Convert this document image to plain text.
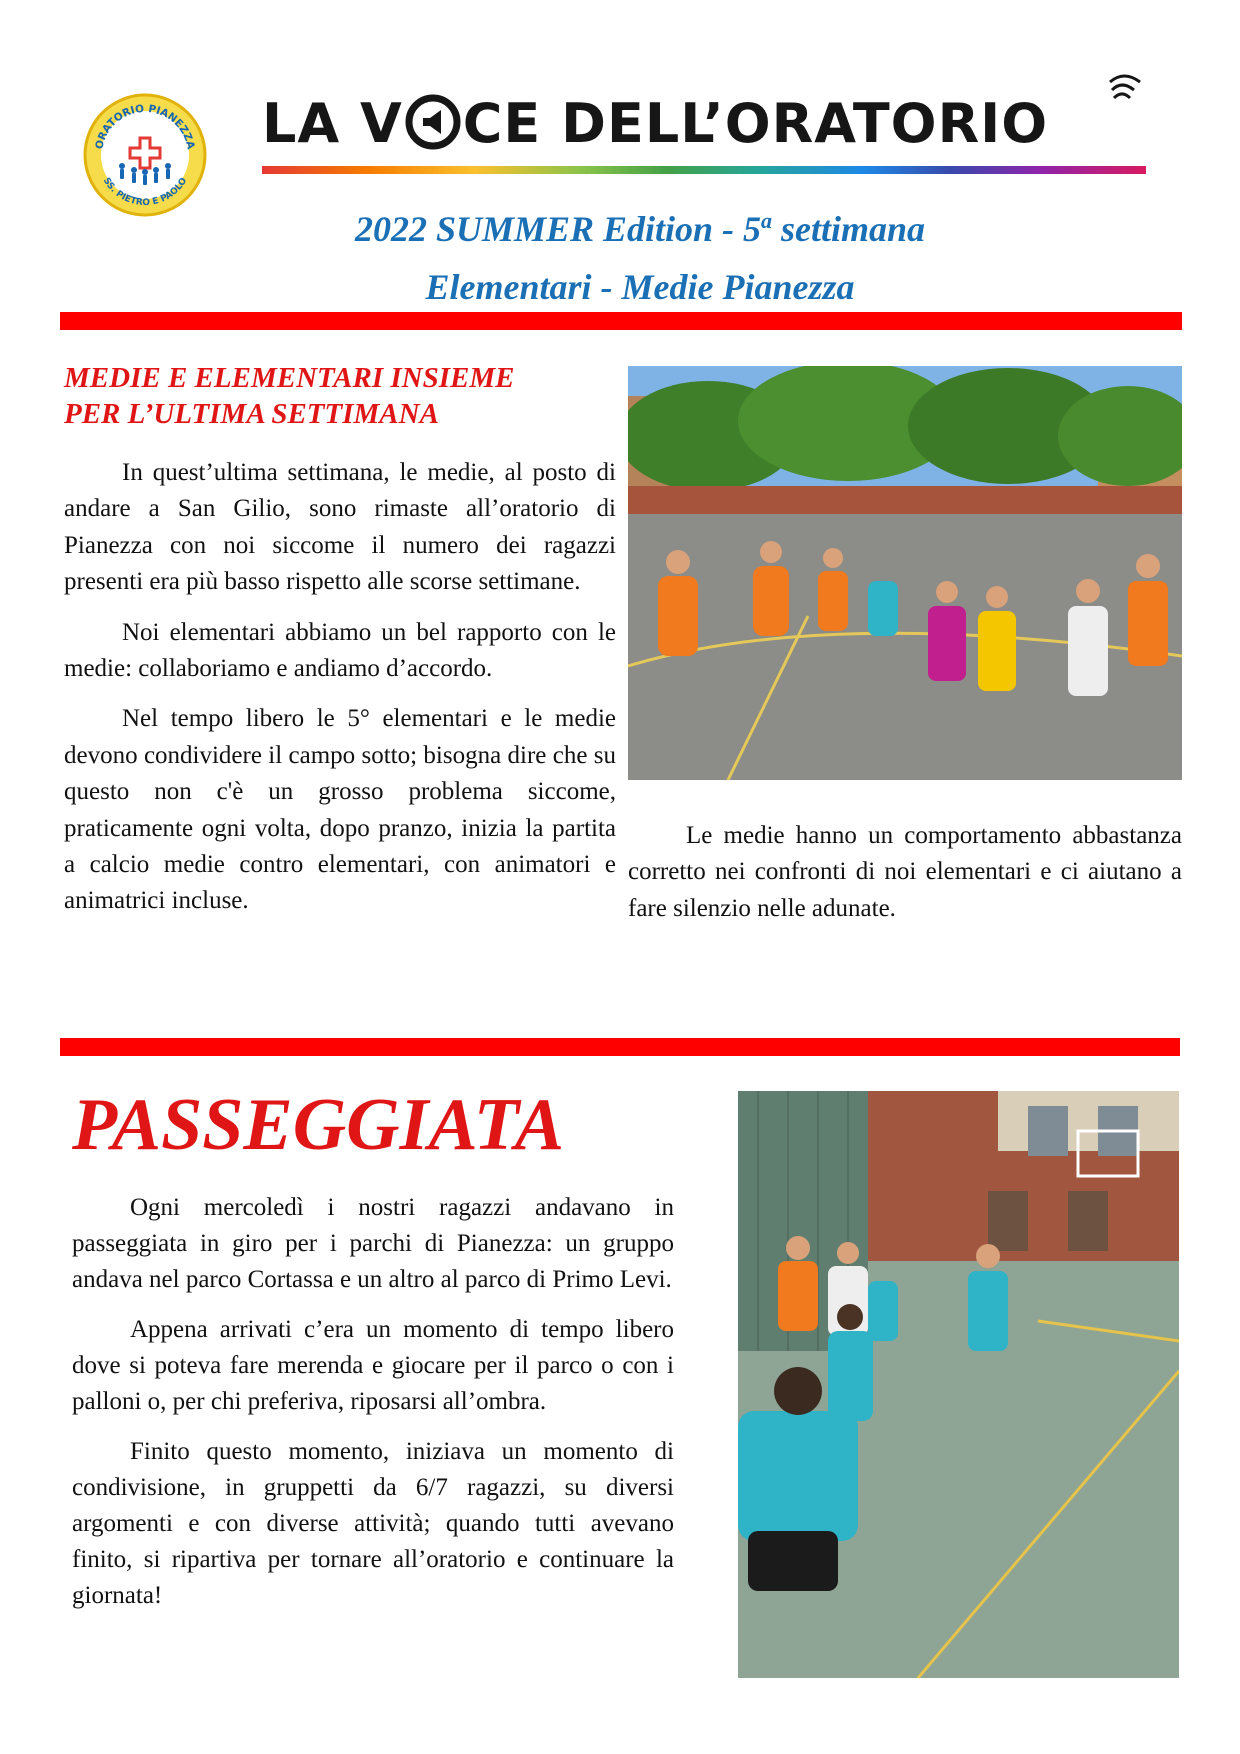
ORATORIO PIANEZZA
SS. PIETRO E PAOLO
LA V CE DELL’ORATORIO
2022 SUMMER Edition - 5$^a$ settimana
Elementari - Medie Pianezza
MEDIE E ELEMENTARI INSIEME
PER L’ULTIMA SETTIMANA

In quest’ultima settimana, le medie, al posto di andare a San Gilio, sono rimaste all’oratorio di Pianezza con noi siccome il numero dei ragazzi presenti era più basso rispetto alle scorse settimane.

Noi elementari abbiamo un bel rapporto con le medie: collaboriamo e andiamo d’accordo.

Nel tempo libero le 5° elementari e le medie devono condividere il campo sotto; bisogna dire che su questo non c'è un grosso problema siccome, praticamente ogni volta, dopo pranzo, inizia la partita a calcio medie contro elementari, con animatori e animatrici incluse.

Le medie hanno un comportamento abbastanza corretto nei confronti di noi elementari e ci aiutano a fare silenzio nelle adunate.

PASSEGGIATA

Ogni mercoledì i nostri ragazzi andavano in passeggiata in giro per i parchi di Pianezza: un gruppo andava nel parco Cortassa e un altro al parco di Primo Levi.

Appena arrivati c’era un momento di tempo libero dove si poteva fare merenda e giocare per il parco o con i palloni o, per chi preferiva, riposarsi all’ombra.

Finito questo momento, iniziava un momento di condivisione, in gruppetti da 6/7 ragazzi, su diversi argomenti e con diverse attività; quando tutti avevano finito, si ripartiva per tornare all’oratorio e continuare la giornata!
